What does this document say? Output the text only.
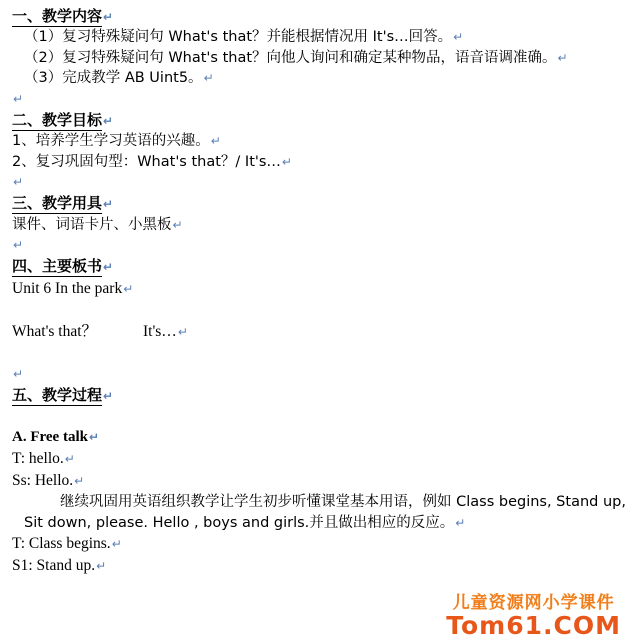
一、教学内容↵
（1）复习特殊疑问句 What's that？并能根据情况用 It's…回答。↵
（2）复习特殊疑问句 What's that？向他人询问和确定某种物品，语音语调准确。↵
（3）完成教学 AB Uint5。↵
↵
二、教学目标↵
1、培养学生学习英语的兴趣。↵
2、复习巩固句型：What's that？/ It's…↵
↵
三、教学用具↵
课件、词语卡片、小黑板↵
↵
四、主要板书↵
Unit 6 In the park↵
What's that？	It's…↵
↵
五、教学过程↵
A. Free talk↵
T: hello.↵
Ss: Hello.↵
继续巩固用英语组织教学让学生初步听懂课堂基本用语，例如 Class begins, Stand up,
Sit down, please. Hello , boys and girls.并且做出相应的反应。↵
T: Class begins.↵
S1: Stand up.↵
儿童资源网小学课件
Tom61.COM
